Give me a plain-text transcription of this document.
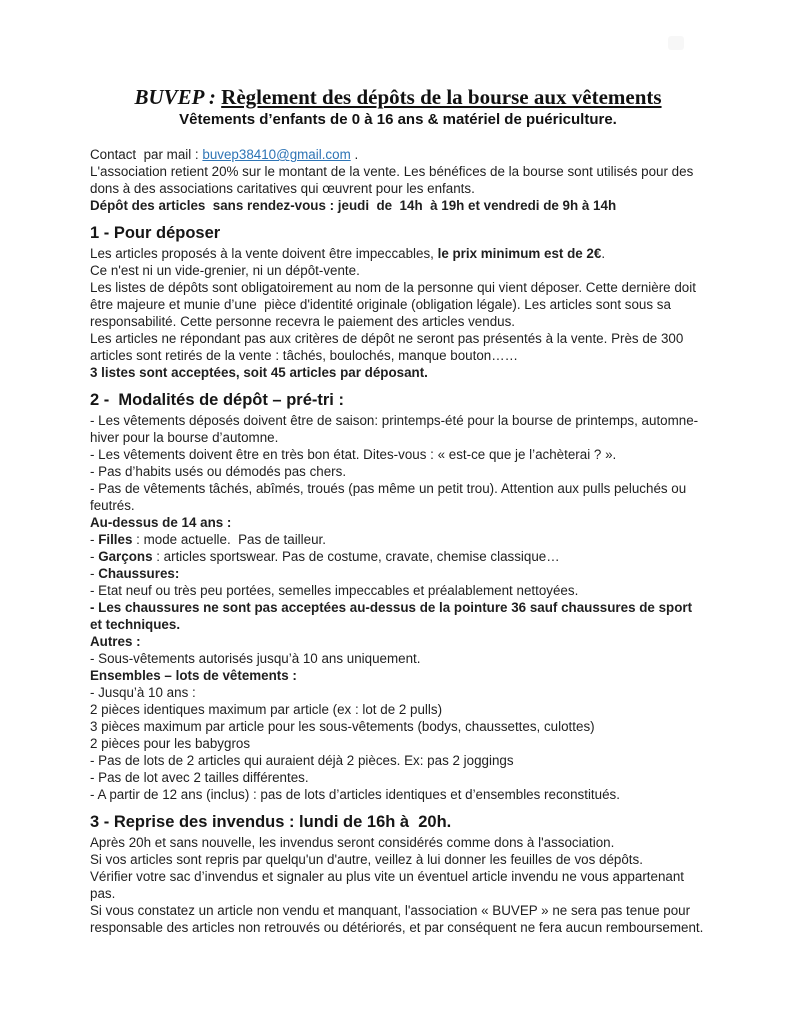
BUVEP : Règlement des dépôts de la bourse aux vêtements
Vêtements d’enfants de 0 à 16 ans & matériel de puériculture.
Contact  par mail : buvep38410@gmail.com .
L'association retient 20% sur le montant de la vente. Les bénéfices de la bourse sont utilisés pour des dons à des associations caritatives qui œuvrent pour les enfants.
Dépôt des articles  sans rendez-vous : jeudi  de  14h  à 19h et vendredi de 9h à 14h
1 - Pour déposer
Les articles proposés à la vente doivent être impeccables, le prix minimum est de 2€.
Ce n'est ni un vide-grenier, ni un dépôt-vente.
Les listes de dépôts sont obligatoirement au nom de la personne qui vient déposer. Cette dernière doit être majeure et munie d’une  pièce d'identité originale (obligation légale). Les articles sont sous sa responsabilité. Cette personne recevra le paiement des articles vendus.
Les articles ne répondant pas aux critères de dépôt ne seront pas présentés à la vente. Près de 300 articles sont retirés de la vente : tâchés, boulochés, manque bouton……
3 listes sont acceptées, soit 45 articles par déposant.
2 -  Modalités de dépôt – pré-tri :
- Les vêtements déposés doivent être de saison: printemps-été pour la bourse de printemps, automne-hiver pour la bourse d’automne.
- Les vêtements doivent être en très bon état. Dites-vous : « est-ce que je l’achèterai ? ».
- Pas d’habits usés ou démodés pas chers.
- Pas de vêtements tâchés, abîmés, troués (pas même un petit trou). Attention aux pulls peluchés ou feutrés.
Au-dessus de 14 ans :
- Filles : mode actuelle.  Pas de tailleur.
- Garçons : articles sportswear. Pas de costume, cravate, chemise classique…
- Chaussures:
- Etat neuf ou très peu portées, semelles impeccables et préalablement nettoyées.
- Les chaussures ne sont pas acceptées au-dessus de la pointure 36 sauf chaussures de sport et techniques.
Autres :
- Sous-vêtements autorisés jusqu’à 10 ans uniquement.
Ensembles – lots de vêtements :
- Jusqu’à 10 ans :
2 pièces identiques maximum par article (ex : lot de 2 pulls)
3 pièces maximum par article pour les sous-vêtements (bodys, chaussettes, culottes)
2 pièces pour les babygros
- Pas de lots de 2 articles qui auraient déjà 2 pièces. Ex: pas 2 joggings
- Pas de lot avec 2 tailles différentes.
- A partir de 12 ans (inclus) : pas de lots d’articles identiques et d’ensembles reconstitués.
3 - Reprise des invendus : lundi de 16h à  20h.
Après 20h et sans nouvelle, les invendus seront considérés comme dons à l'association.
Si vos articles sont repris par quelqu'un d'autre, veillez à lui donner les feuilles de vos dépôts.
Vérifier votre sac d’invendus et signaler au plus vite un éventuel article invendu ne vous appartenant pas.
Si vous constatez un article non vendu et manquant, l'association « BUVEP » ne sera pas tenue pour responsable des articles non retrouvés ou détériorés, et par conséquent ne fera aucun remboursement.
